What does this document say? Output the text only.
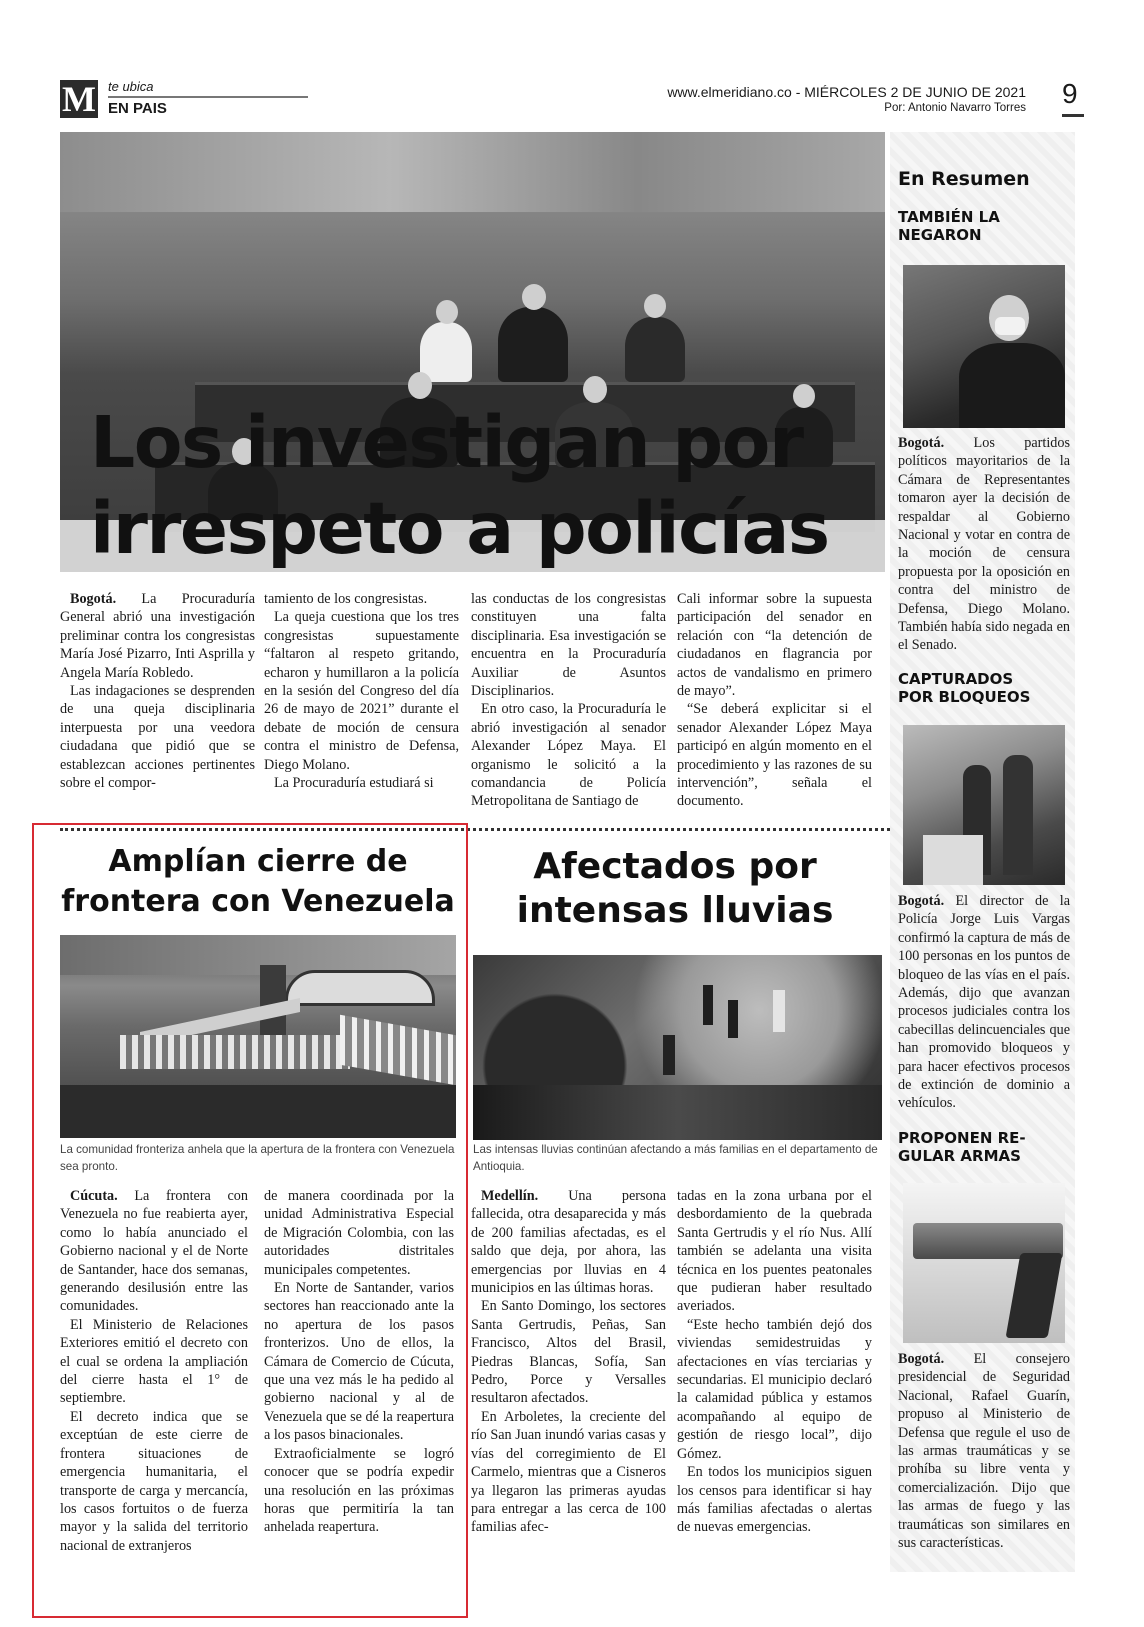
M te ubica
EN PAIS
www.elmeridiano.co - MIÉRCOLES 2 DE JUNIO DE 2021
Por: Antonio Navarro Torres 9
Los investigan por
irrespeto a policías

Bogotá. La Procuraduría General abrió una investigación preliminar contra los congresistas María José Pizarro, Inti Asprilla y Angela María Robledo.

Las indagaciones se desprenden de una queja disciplinaria interpuesta por una veedora ciudadana que pidió que se establezcan acciones pertinentes sobre el compor-

tamiento de los congresistas.

La queja cuestiona que los tres congresistas supuestamente “faltaron al respeto gritando, echaron y humillaron a la policía en la sesión del Congreso del día 26 de mayo de 2021” durante el debate de moción de censura contra el ministro de Defensa, Diego Molano.

La Procuraduría estudiará si

las conductas de los congresistas constituyen una falta disciplinaria. Esa investigación se encuentra en la Procuraduría Auxiliar de Asuntos Disciplinarios.

En otro caso, la Procuraduría le abrió investigación al senador Alexander López Maya. El organismo le solicitó a la comandancia de Policía Metropolitana de Santiago de

Cali informar sobre la supuesta participación del senador en relación con “la detención de ciudadanos en flagrancia por actos de vandalismo en primero de mayo”.

“Se deberá explicitar si el senador Alexander López Maya participó en algún momento en el procedimiento y las razones de su intervención”, señala el documento.

Amplían cierre de
frontera con Venezuela
La comunidad fronteriza anhela que la apertura de la frontera con Venezuela sea pronto.

Cúcuta. La frontera con Venezuela no fue reabierta ayer, como lo había anunciado el Gobierno nacional y el de Norte de Santander, hace dos semanas, generando desilusión entre las comunidades.

El Ministerio de Relaciones Exteriores emitió el decreto con el cual se ordena la ampliación del cierre hasta el 1° de septiembre.

El decreto indica que se exceptúan de este cierre de frontera situaciones de emergencia humanitaria, el transporte de carga y mercancía, los casos fortuitos o de fuerza mayor y la salida del territorio nacional de extranjeros

de manera coordinada por la unidad Administrativa Especial de Migración Colombia, con las autoridades distritales municipales competentes.

En Norte de Santander, varios sectores han reaccionado ante la no apertura de los pasos fronterizos. Uno de ellos, la Cámara de Comercio de Cúcuta, que una vez más le ha pedido al gobierno nacional y al de Venezuela que se dé la reapertura a los pasos binacionales.

Extraoficialmente se logró conocer que se podría expedir una resolución en las próximas horas que permitiría la tan anhelada reapertura.

Afectados por
intensas lluvias
Las intensas lluvias continúan afectando a más familias en el departamento de Antioquia.

Medellín. Una persona fallecida, otra desaparecida y más de 200 familias afectadas, es el saldo que deja, por ahora, las emergencias por lluvias en 4 municipios en las últimas horas.

En Santo Domingo, los sectores Santa Gertrudis, Peñas, San Francisco, Altos del Brasil, Piedras Blancas, Sofía, San Pedro, Porce y Versalles resultaron afectados.

En Arboletes, la creciente del río San Juan inundó varias casas y vías del corregimiento de El Carmelo, mientras que a Cisneros ya llegaron las primeras ayudas para entregar a las cerca de 100 familias afec-

tadas en la zona urbana por el desbordamiento de la quebrada Santa Gertrudis y el río Nus. Allí también se adelanta una visita técnica en los puentes peatonales que pudieran haber resultado averiados.

“Este hecho también dejó dos viviendas semidestruidas y afectaciones en vías terciarias y secundarias. El municipio declaró la calamidad pública y estamos acompañando al equipo de gestión de riesgo local”, dijo Gómez.

En todos los municipios siguen los censos para identificar si hay más familias afectadas o alertas de nuevas emergencias.

En Resumen
TAMBIÉN LA
NEGARON
Bogotá. Los partidos políticos mayoritarios de la Cámara de Representantes tomaron ayer la decisión de respaldar al Gobierno Nacional y votar en contra de la moción de censura propuesta por la oposición en contra del ministro de Defensa, Diego Molano. También había sido negada en el Senado.
CAPTURADOS
POR BLOQUEOS
Bogotá. El director de la Policía Jorge Luis Vargas confirmó la captura de más de 100 personas en los puntos de bloqueo de las vías en el país. Además, dijo que avanzan procesos judiciales contra los cabecillas delincuenciales que han promovido bloqueos y para hacer efectivos procesos de extinción de dominio a vehículos.
PROPONEN RE-
GULAR ARMAS
Bogotá. El consejero presidencial de Seguridad Nacional, Rafael Guarín, propuso al Ministerio de Defensa que regule el uso de las armas traumáticas y se prohíba su libre venta y comercialización. Dijo que las armas de fuego y las traumáticas son similares en sus características.
